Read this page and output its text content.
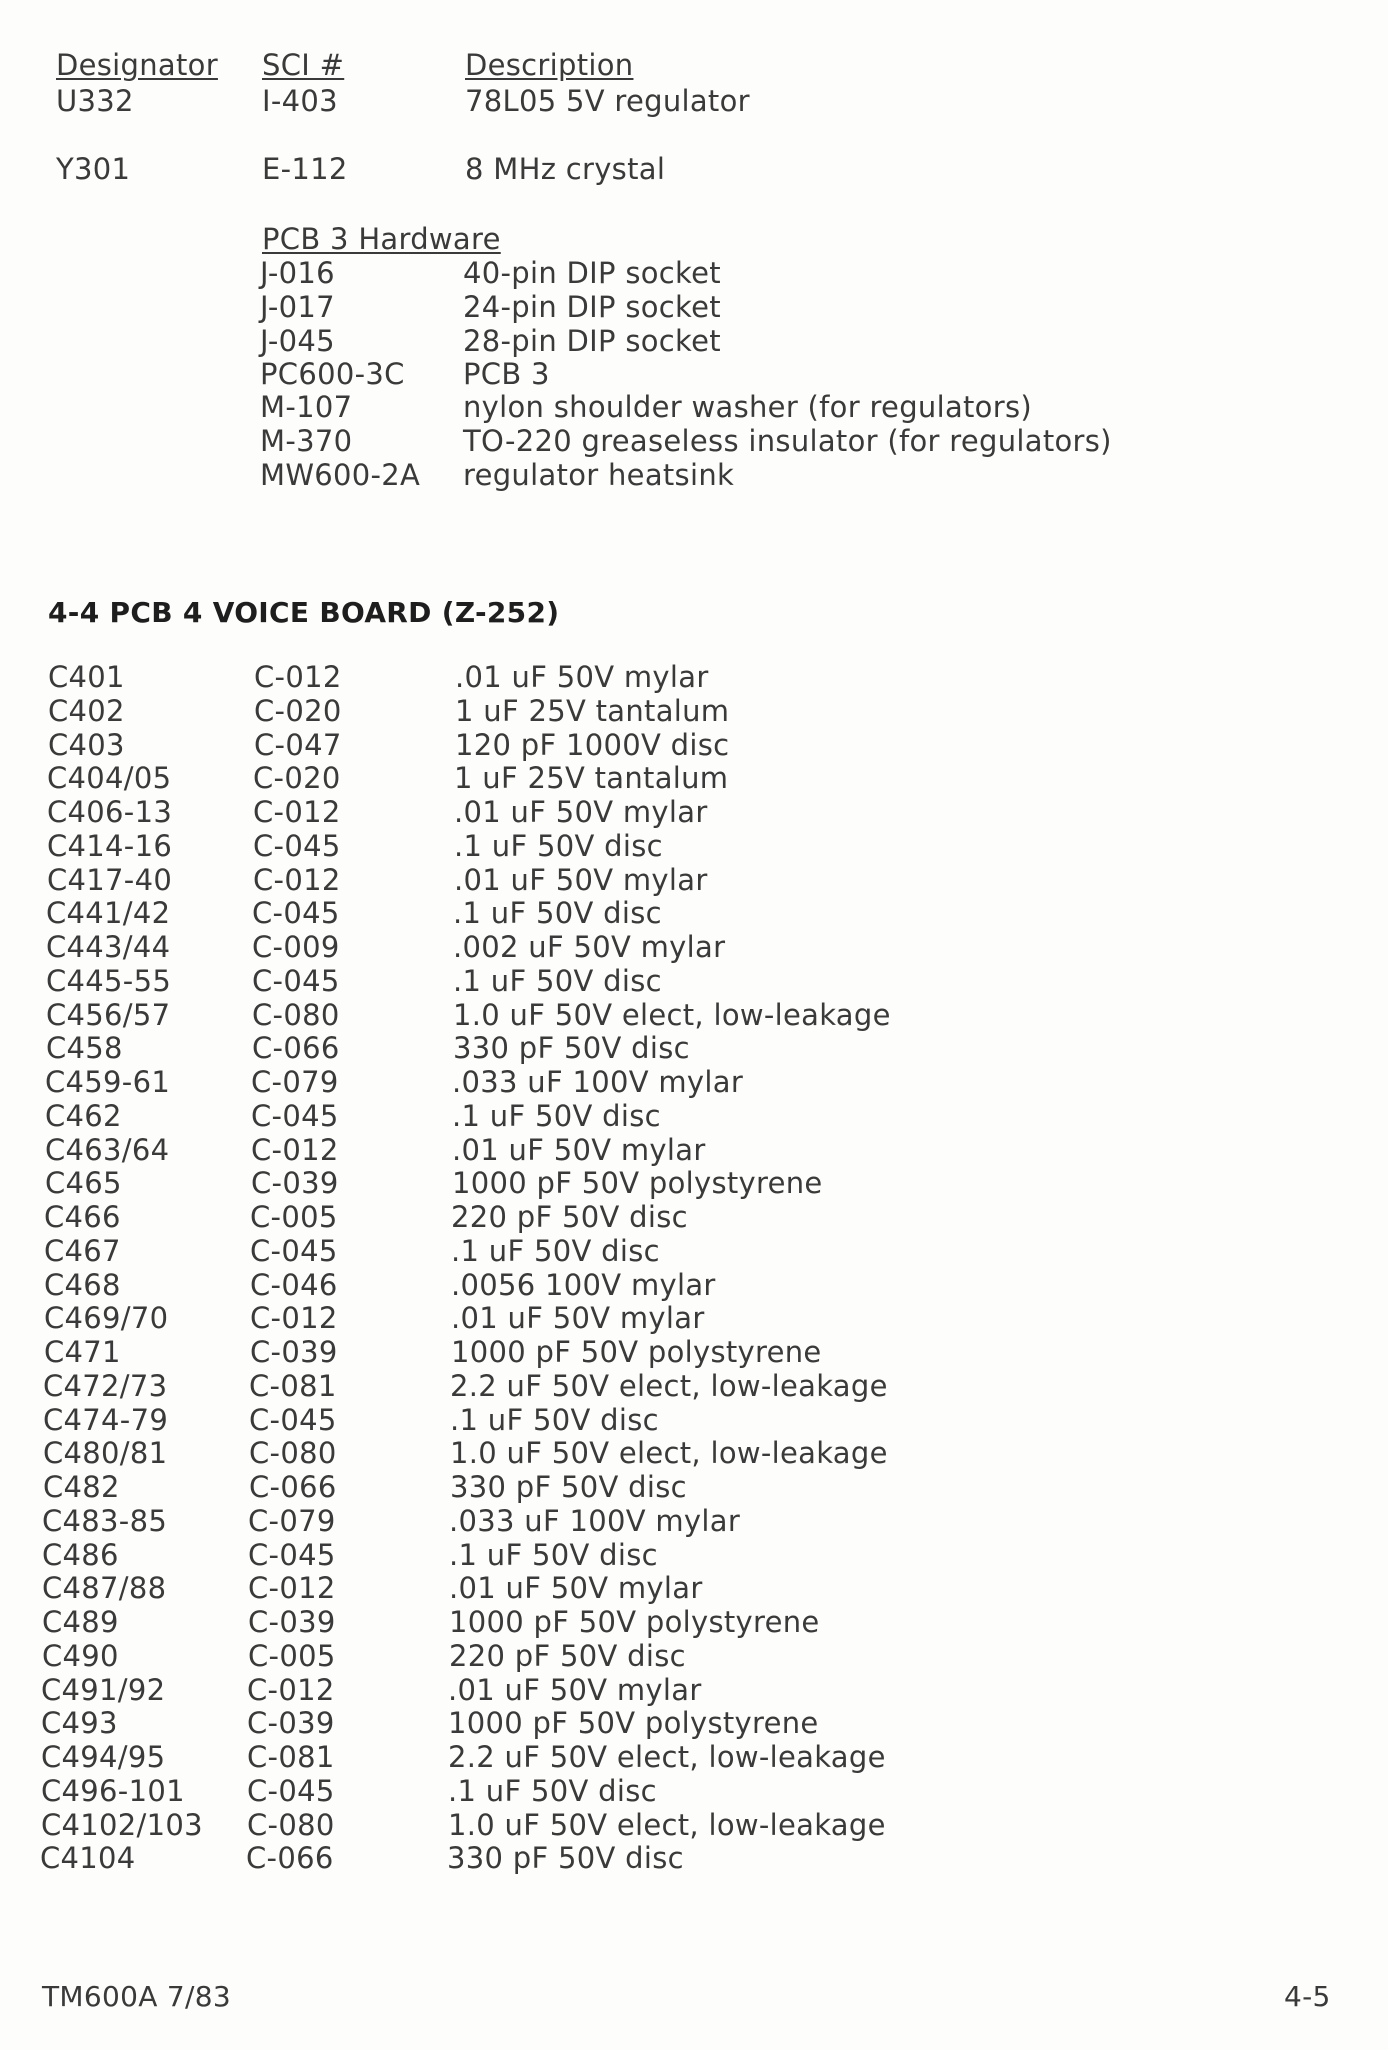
Designator SCI #	Description
U332	I-403	78L05 5V regulator
Y301	E-112	8 MHz crystal
PCB 3 Hardware
J-016	40-pin DIP socket
J-017	24-pin DIP socket
J-045	28-pin DIP socket
PC600-3C PCB 3
M-107	nylon shoulder washer (for regulators)
M-370	TO-220 greaseless insulator (for regulators)
MW600-2A regulator heatsink
4-4 PCB 4 VOICE BOARD (Z-252)
C401	C-012	.01 uF 50V mylar
C402	C-020	1 uF 25V tantalum
C403	C-047	120 pF 1000V disc
C404/05	C-020	1 uF 25V tantalum
C406-13	C-012	.01 uF 50V mylar
C414-16	C-045	.1 uF 50V disc
C417-40	C-012	.01 uF 50V mylar
C441/42	C-045	.1 uF 50V disc
C443/44	C-009	.002 uF 50V mylar
C445-55	C-045	.1 uF 50V disc
C456/57	C-080	1.0 uF 50V elect, low-leakage
C458	C-066	330 pF 50V disc
C459-61	C-079	.033 uF 100V mylar
C462	C-045	.1 uF 50V disc
C463/64	C-012	.01 uF 50V mylar
C465	C-039	1000 pF 50V polystyrene
C466	C-005	220 pF 50V disc
C467	C-045	.1 uF 50V disc
C468	C-046	.0056 100V mylar
C469/70	C-012	.01 uF 50V mylar
C471	C-039	1000 pF 50V polystyrene
C472/73	C-081	2.2 uF 50V elect, low-leakage
C474-79	C-045	.1 uF 50V disc
C480/81	C-080	1.0 uF 50V elect, low-leakage
C482	C-066	330 pF 50V disc
C483-85	C-079	.033 uF 100V mylar
C486	C-045	.1 uF 50V disc
C487/88	C-012	.01 uF 50V mylar
C489	C-039	1000 pF 50V polystyrene
C490	C-005	220 pF 50V disc
C491/92	C-012	.01 uF 50V mylar
C493	C-039	1000 pF 50V polystyrene
C494/95	C-081	2.2 uF 50V elect, low-leakage
C496-101 C-045	.1 uF 50V disc
C4102/103 C-080	1.0 uF 50V elect, low-leakage
C4104	C-066	330 pF 50V disc
TM600A 7/83	4-5
